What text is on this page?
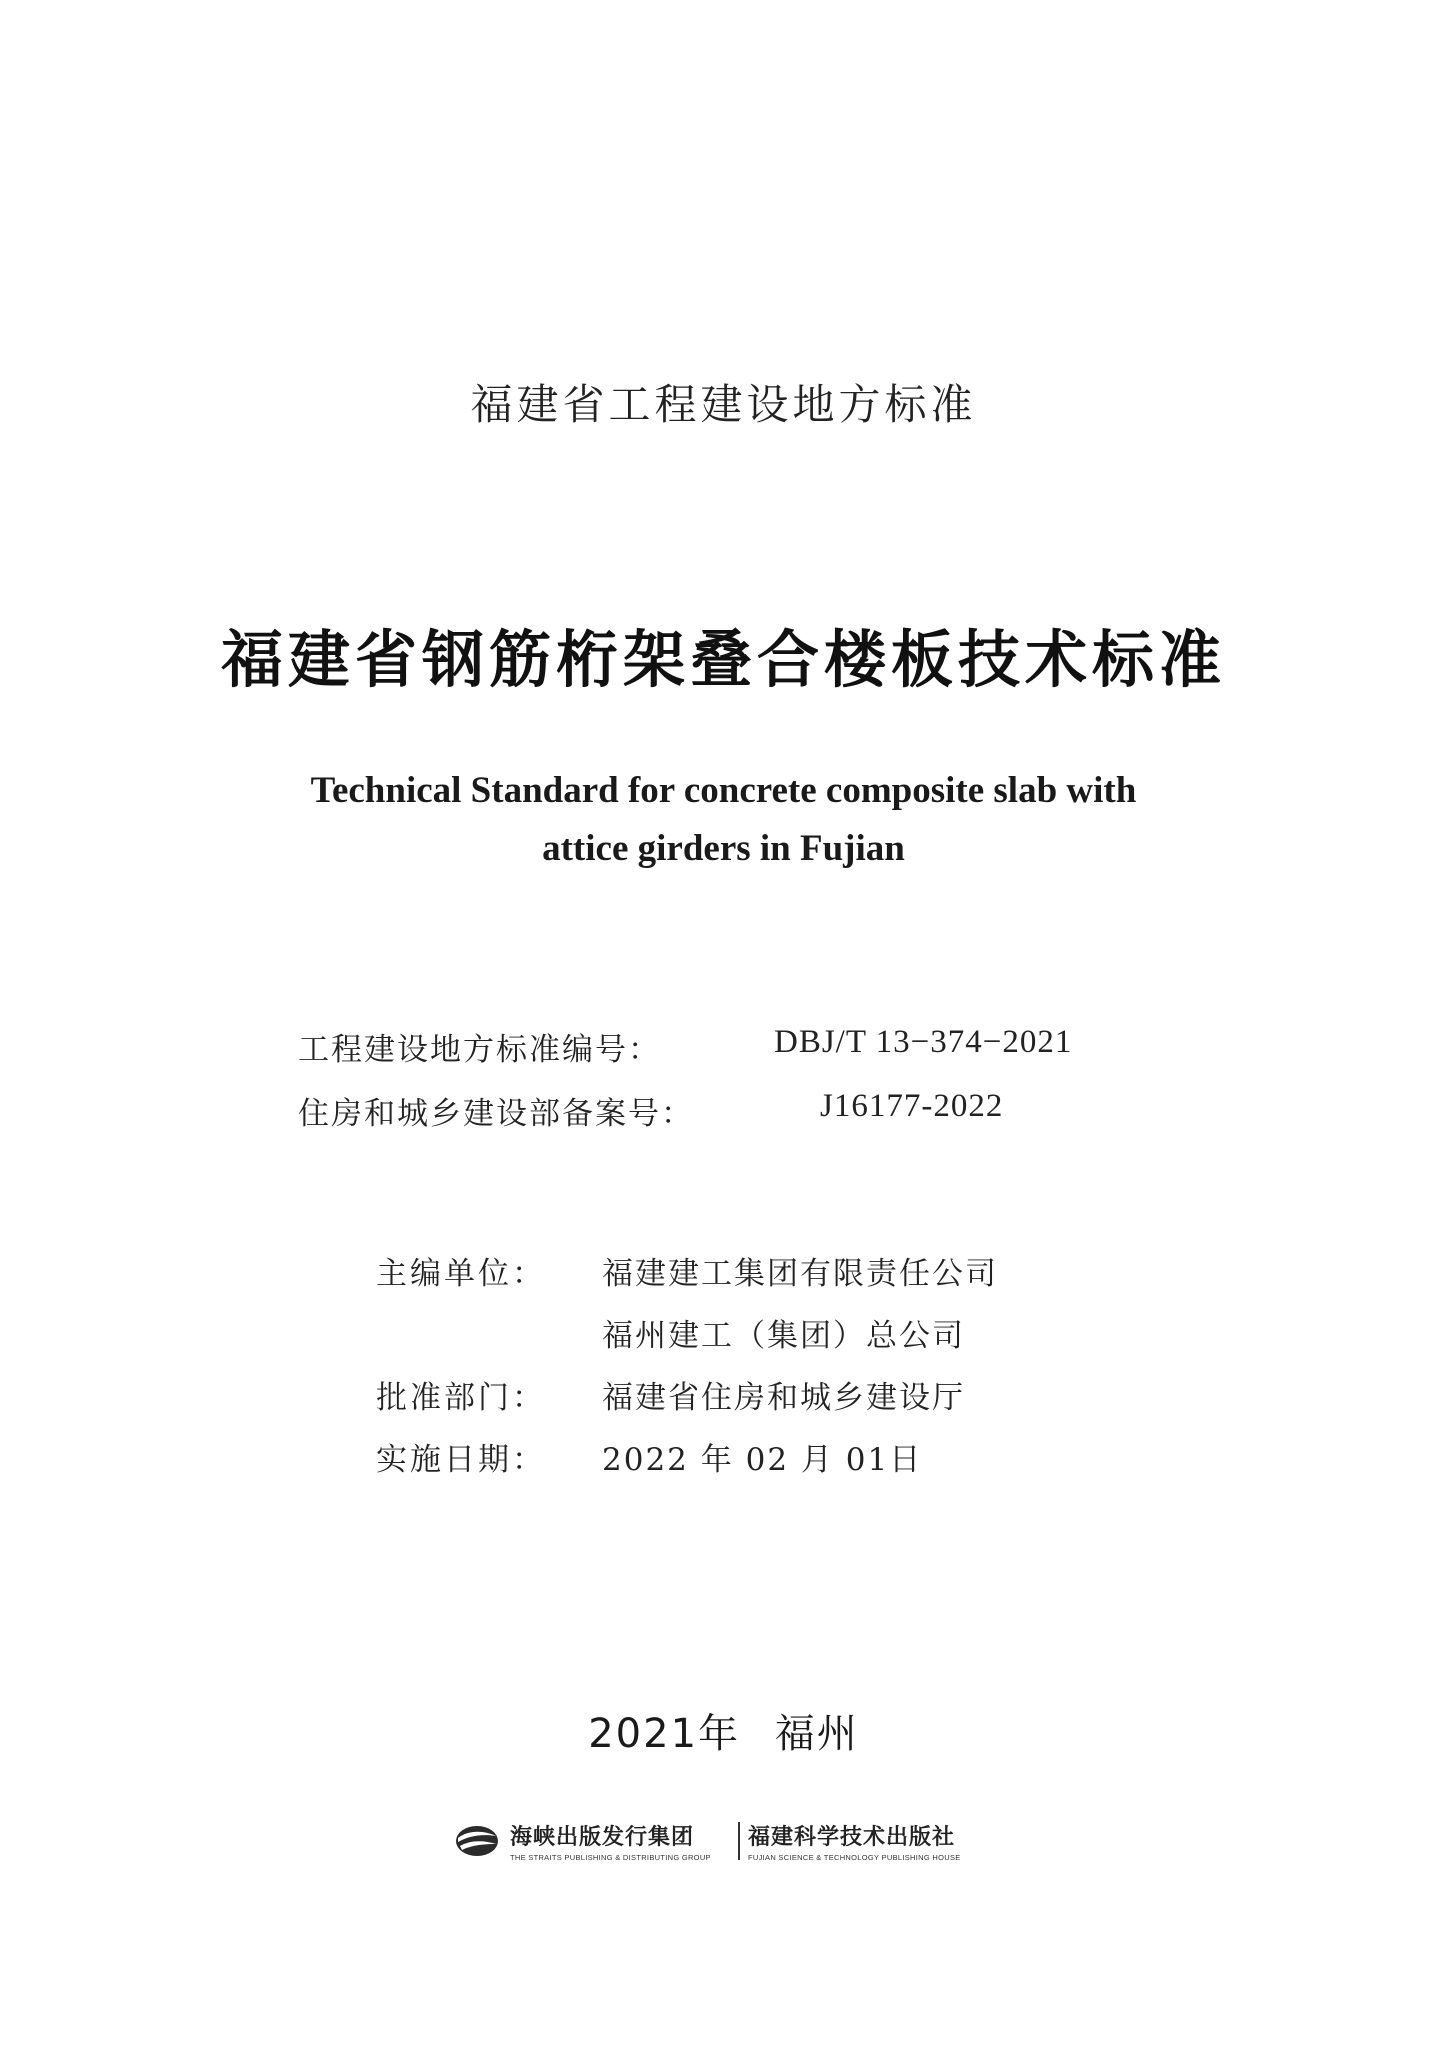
福建省工程建设地方标准
福建省钢筋桁架叠合楼板技术标准
Technical Standard for concrete composite slab with
attice girders in Fujian
工程建设地方标准编号：	DBJ/T 13−374−2021
住房和城乡建设部备案号：	J16177-2022
主编单位： 福建建工集团有限责任公司
福州建工（集团）总公司
批准部门： 福建省住房和城乡建设厅
实施日期： 2022 年 02 月 01日
2021年 福州
海峡出版发行集团
THE STRAITS PUBLISHING & DISTRIBUTING GROUP
福建科学技术出版社
FUJIAN SCIENCE & TECHNOLOGY PUBLISHING HOUSE
